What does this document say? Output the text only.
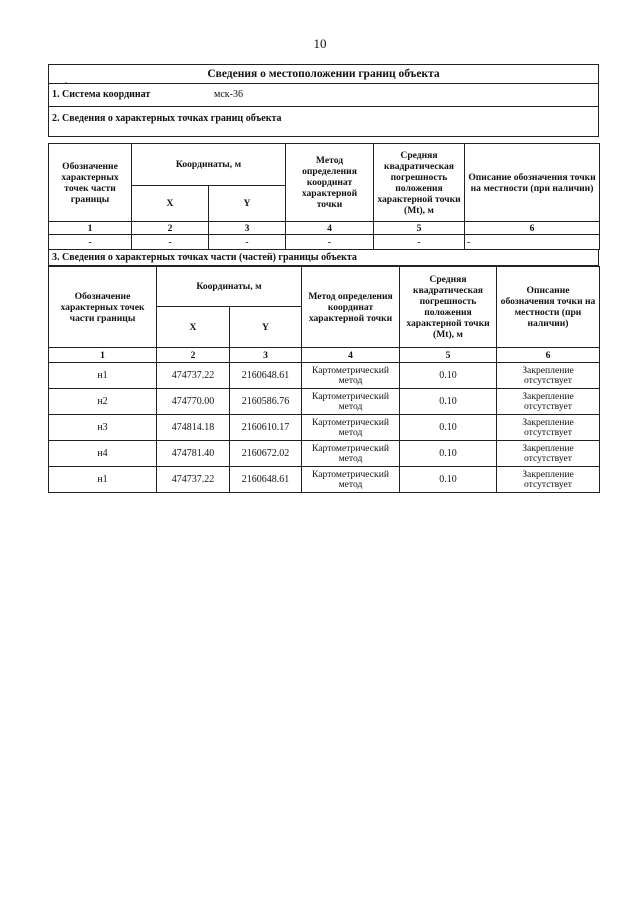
10
.
Сведения о местоположении границ объекта
1. Система координат	мск-36
2. Сведения о характерных точках границ объекта
Обозначение характерных точек части границы	Координаты, м		Метод определения координат характерной точки	Средняя квадратическая погрешность положения характерной точки (Mt), м	Описание обозначения точки на местности (при наличии)
	X	Y			
1	2	3	4	5	6
-	-	-	-	-	-
3. Сведения о характерных точках части (частей) границы объекта
Обозначение характерных точек части границы	Координаты, м		Метод определения координат характерной точки	Средняя квадратическая погрешность положения характерной точки (Mt), м	Описание обозначения точки на местности (при наличии)
	X	Y			
1	2	3	4	5	6
н1	474737.22	2160648.61	Картометрический метод	0.10	Закрепление отсутствует
н2	474770.00	2160586.76	Картометрический метод	0.10	Закрепление отсутствует
н3	474814.18	2160610.17	Картометрический метод	0.10	Закрепление отсутствует
н4	474781.40	2160672.02	Картометрический метод	0.10	Закрепление отсутствует
н1	474737.22	2160648.61	Картометрический метод	0.10	Закрепление отсутствует
